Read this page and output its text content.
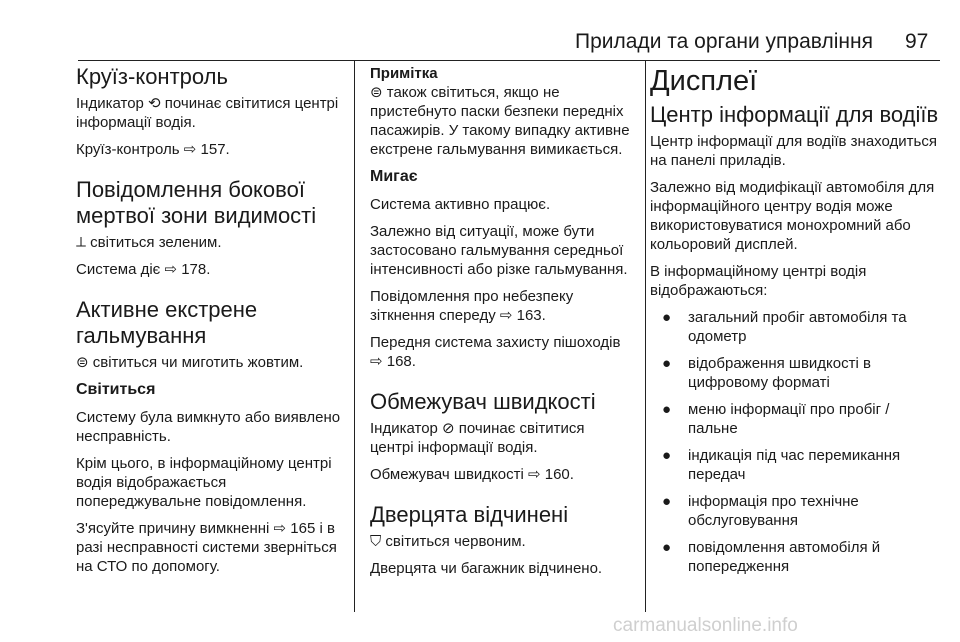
Прилади та органи управління 97
Круїз-контроль

Індикатор ⟲ починає світитися центрі інформації водія.

Круїз-контроль ⇨ 157.

Повідомлення бокової мертвої зони видимості

⟂ світиться зеленим.

Система діє ⇨ 178.

Активне екстрене гальмування

⊜ світиться чи миготить жовтим.

Світиться

Систему була вимкнуто або виявлено несправність.

Крім цього, в інформаційному центрі водія відображається попереджувальне повідомлення.

З'ясуйте причину вимкненні ⇨ 165 і в разі несправності системи зверніться на СТО по допомогу.

Примітка

⊜ також світиться, якщо не пристебнуто паски безпеки передніх пасажирів. У такому випадку активне екстрене гальмування вимикається.

Мигає

Система активно працює.

Залежно від ситуації, може бути застосовано гальмування середньої інтенсивності або різке гальмування.

Повідомлення про небезпеку зіткнення спереду ⇨ 163.

Передня система захисту пішоходів ⇨ 168.

Обмежувач швидкості

Індикатор ⊘ починає світитися центрі інформації водія.

Обмежувач швидкості ⇨ 160.

Дверцята відчинені

⛉ світиться червоним.

Дверцята чи багажник відчинено.

Дисплеї
Центр інформації для водіїв

Центр інформації для водіїв знаходиться на панелі приладів.

Залежно від модифікації автомобіля для інформаційного центру водія може використовуватися монохромний або кольоровий дисплей.

В інформаційному центрі водія відображаються:

● загальний пробіг автомобіля та одометр
● відображення швидкості в цифровому форматі
● меню інформації про пробіг / пальне
● індикація під час перемикання передач
● інформація про технічне обслуговування
● повідомлення автомобіля й попередження
carmanualsonline.info
